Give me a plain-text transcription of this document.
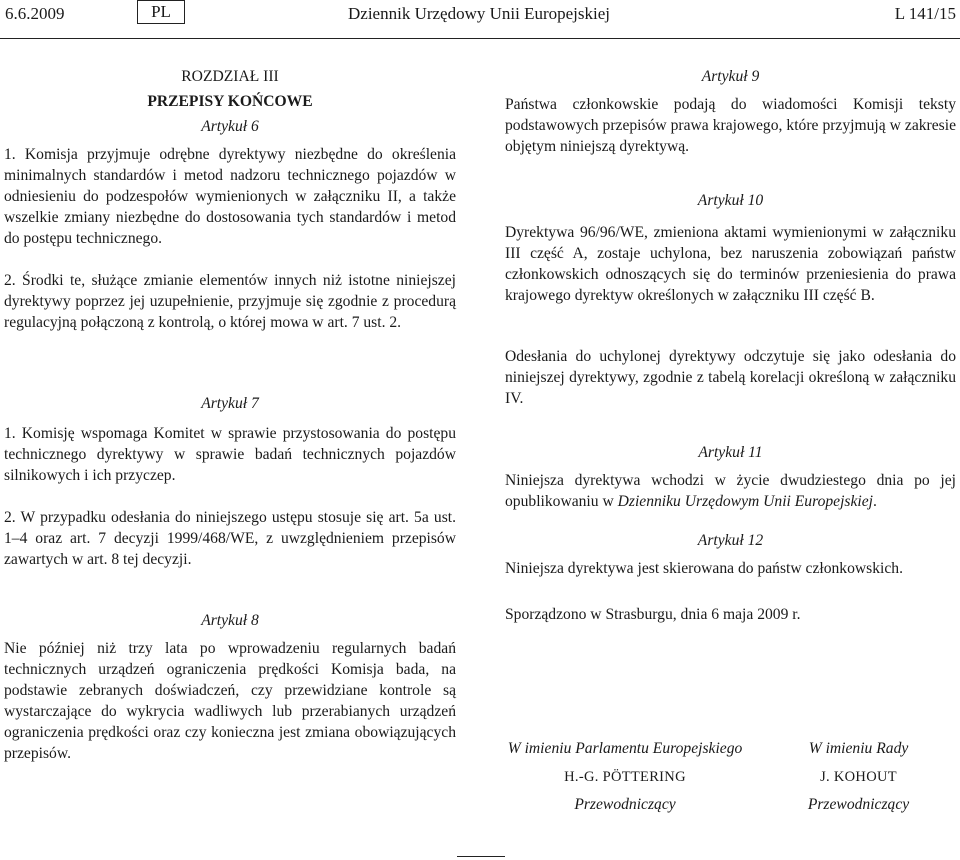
6.6.2009	PL	Dziennik Urzędowy Unii Europejskiej	L 141/15
ROZDZIAŁ III
PRZEPISY KOŃCOWE
Artykuł 6

1. Komisja przyjmuje odrębne dyrektywy niezbędne do określenia minimalnych standardów i metod nadzoru technicznego pojazdów w odniesieniu do podzespołów wymienionych w załączniku II, a także wszelkie zmiany niezbędne do dostosowania tych standardów i metod do postępu technicznego.

2. Środki te, służące zmianie elementów innych niż istotne niniejszej dyrektywy poprzez jej uzupełnienie, przyjmuje się zgodnie z procedurą regulacyjną połączoną z kontrolą, o której mowa w art. 7 ust. 2.

Artykuł 7

1. Komisję wspomaga Komitet w sprawie przystosowania do postępu technicznego dyrektywy w sprawie badań technicznych pojazdów silnikowych i ich przyczep.

2. W przypadku odesłania do niniejszego ustępu stosuje się art. 5a ust. 1–4 oraz art. 7 decyzji 1999/468/WE, z uwzględnieniem przepisów zawartych w art. 8 tej decyzji.

Artykuł 8

Nie później niż trzy lata po wprowadzeniu regularnych badań technicznych urządzeń ograniczenia prędkości Komisja bada, na podstawie zebranych doświadczeń, czy przewidziane kontrole są wystarczające do wykrycia wadliwych lub przerabianych urządzeń ograniczenia prędkości oraz czy konieczna jest zmiana obowiązujących przepisów.

Artykuł 9

Państwa członkowskie podają do wiadomości Komisji teksty podstawowych przepisów prawa krajowego, które przyjmują w zakresie objętym niniejszą dyrektywą.

Artykuł 10

Dyrektywa 96/96/WE, zmieniona aktami wymienionymi w załączniku III część A, zostaje uchylona, bez naruszenia zobowiązań państw członkowskich odnoszących się do terminów przeniesienia do prawa krajowego dyrektyw określonych w załączniku III część B.

Odesłania do uchylonej dyrektywy odczytuje się jako odesłania do niniejszej dyrektywy, zgodnie z tabelą korelacji określoną w załączniku IV.

Artykuł 11

Niniejsza dyrektywa wchodzi w życie dwudziestego dnia po jej opublikowaniu w Dzienniku Urzędowym Unii Europejskiej.

Artykuł 12

Niniejsza dyrektywa jest skierowana do państw członkowskich.

Sporządzono w Strasburgu, dnia 6 maja 2009 r.

W imieniu Parlamentu Europejskiego
H.-G. PÖTTERING
Przewodniczący
W imieniu Rady
J. KOHOUT
Przewodniczący
